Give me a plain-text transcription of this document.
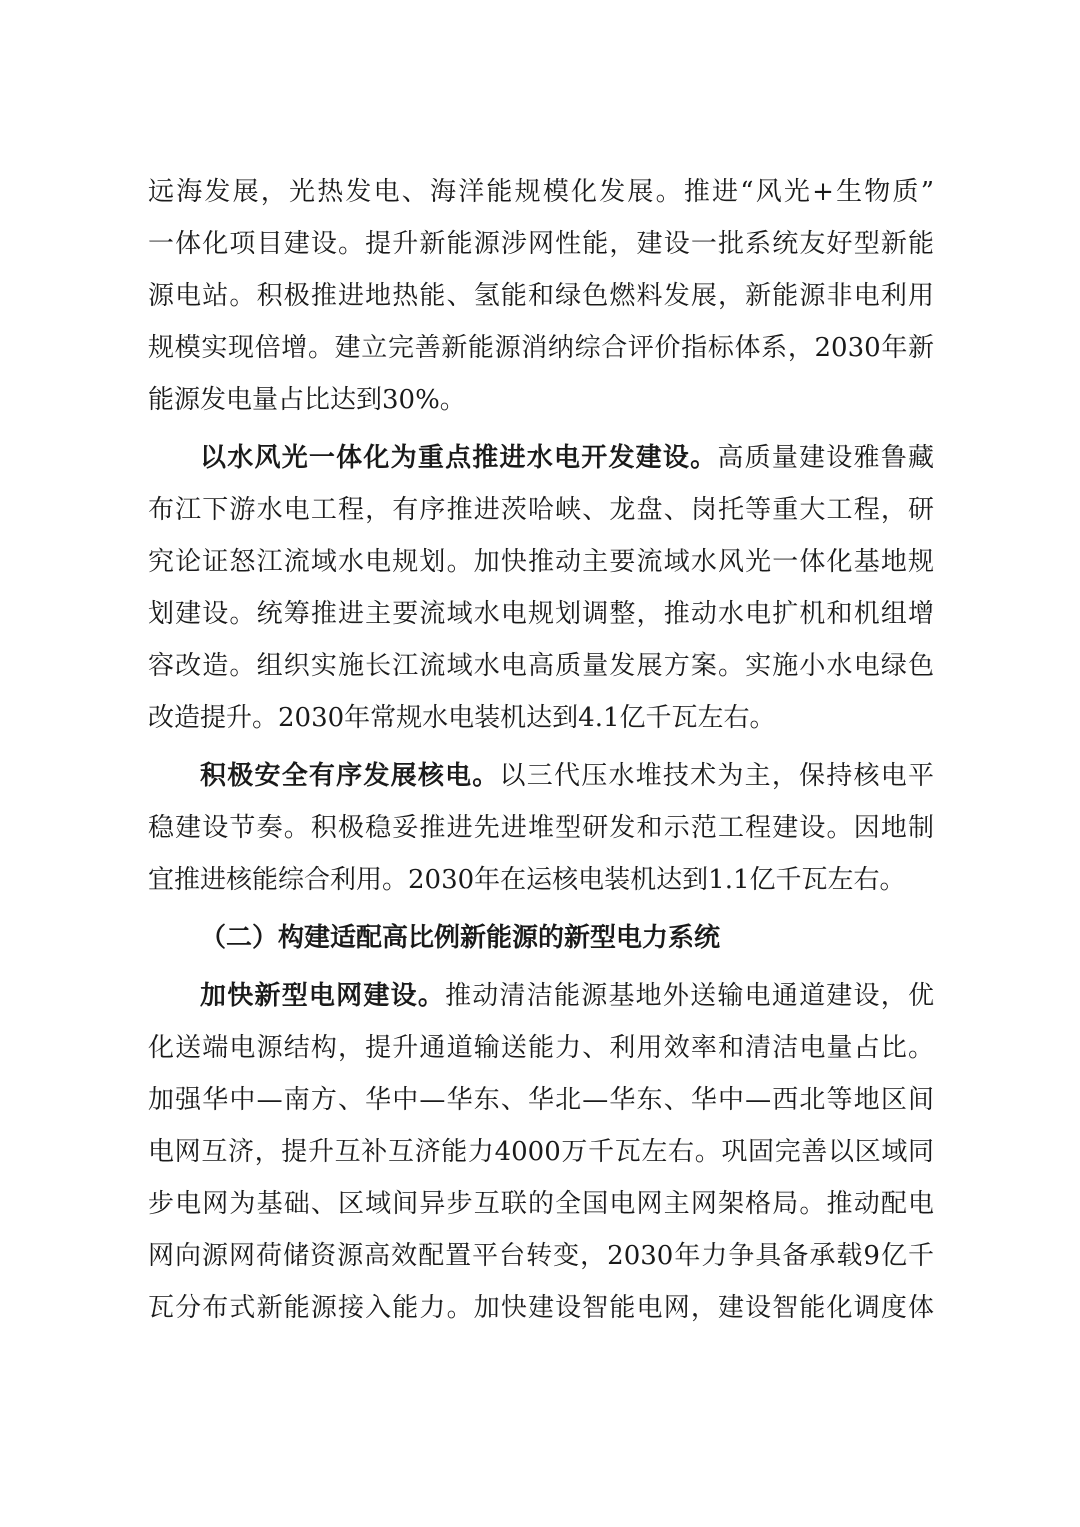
远海发展，光热发电、海洋能规模化发展。推进“风光+生物质”
一体化项目建设。提升新能源涉网性能，建设一批系统友好型新能
源电站。积极推进地热能、氢能和绿色燃料发展，新能源非电利用
规模实现倍增。建立完善新能源消纳综合评价指标体系，2030年新
能源发电量占比达到30%。
以水风光一体化为重点推进水电开发建设。高质量建设雅鲁藏
布江下游水电工程，有序推进茨哈峡、龙盘、岗托等重大工程，研
究论证怒江流域水电规划。加快推动主要流域水风光一体化基地规
划建设。统筹推进主要流域水电规划调整，推动水电扩机和机组增
容改造。组织实施长江流域水电高质量发展方案。实施小水电绿色
改造提升。2030年常规水电装机达到4.1亿千瓦左右。
积极安全有序发展核电。以三代压水堆技术为主，保持核电平
稳建设节奏。积极稳妥推进先进堆型研发和示范工程建设。因地制
宜推进核能综合利用。2030年在运核电装机达到1.1亿千瓦左右。
（二）构建适配高比例新能源的新型电力系统
加快新型电网建设。推动清洁能源基地外送输电通道建设，优
化送端电源结构，提升通道输送能力、利用效率和清洁电量占比。
加强华中—南方、华中—华东、华北—华东、华中—西北等地区间
电网互济，提升互补互济能力4000万千瓦左右。巩固完善以区域同
步电网为基础、区域间异步互联的全国电网主网架格局。推动配电
网向源网荷储资源高效配置平台转变，2030年力争具备承载9亿千
瓦分布式新能源接入能力。加快建设智能电网，建设智能化调度体
